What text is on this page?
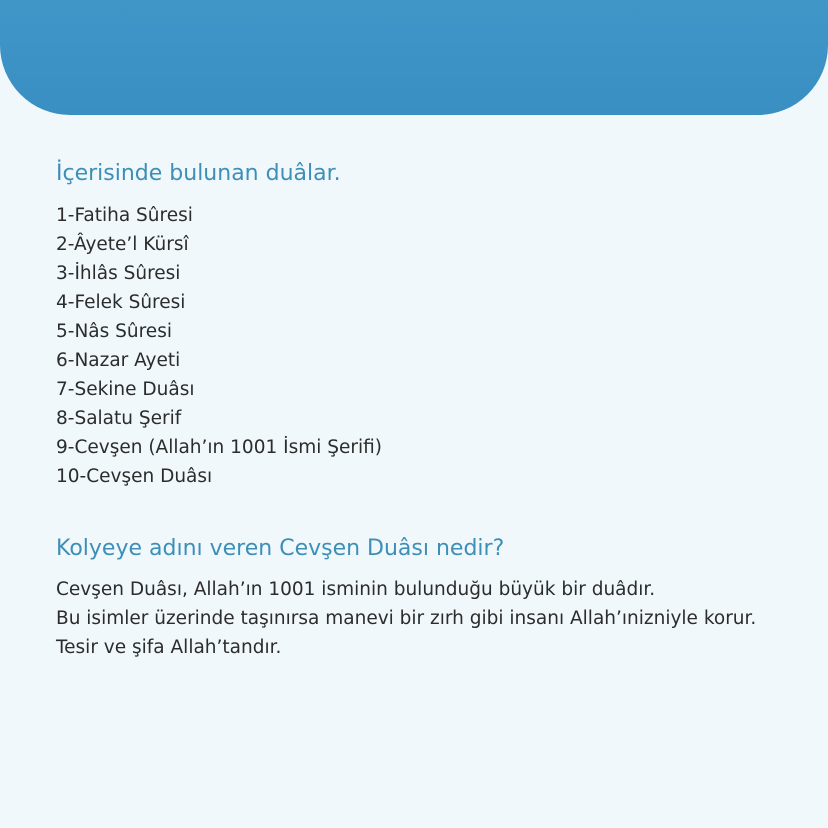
İçerisinde bulunan duâlar.
1-Fatiha Sûresi
2-Âyete’l Kürsî
3-İhlâs Sûresi
4-Felek Sûresi
5-Nâs Sûresi
6-Nazar Ayeti
7-Sekine Duâsı
8-Salatu Şerif
9-Cevşen (Allah’ın 1001 İsmi Şerifi)
10-Cevşen Duâsı
Kolyeye adını veren Cevşen Duâsı nedir?

Cevşen Duâsı, Allah’ın 1001 isminin bulunduğu büyük bir duâdır.

Bu isimler üzerinde taşınırsa manevi bir zırh gibi insanı Allah’ınizniyle korur.

Tesir ve şifa Allah’tandır.
